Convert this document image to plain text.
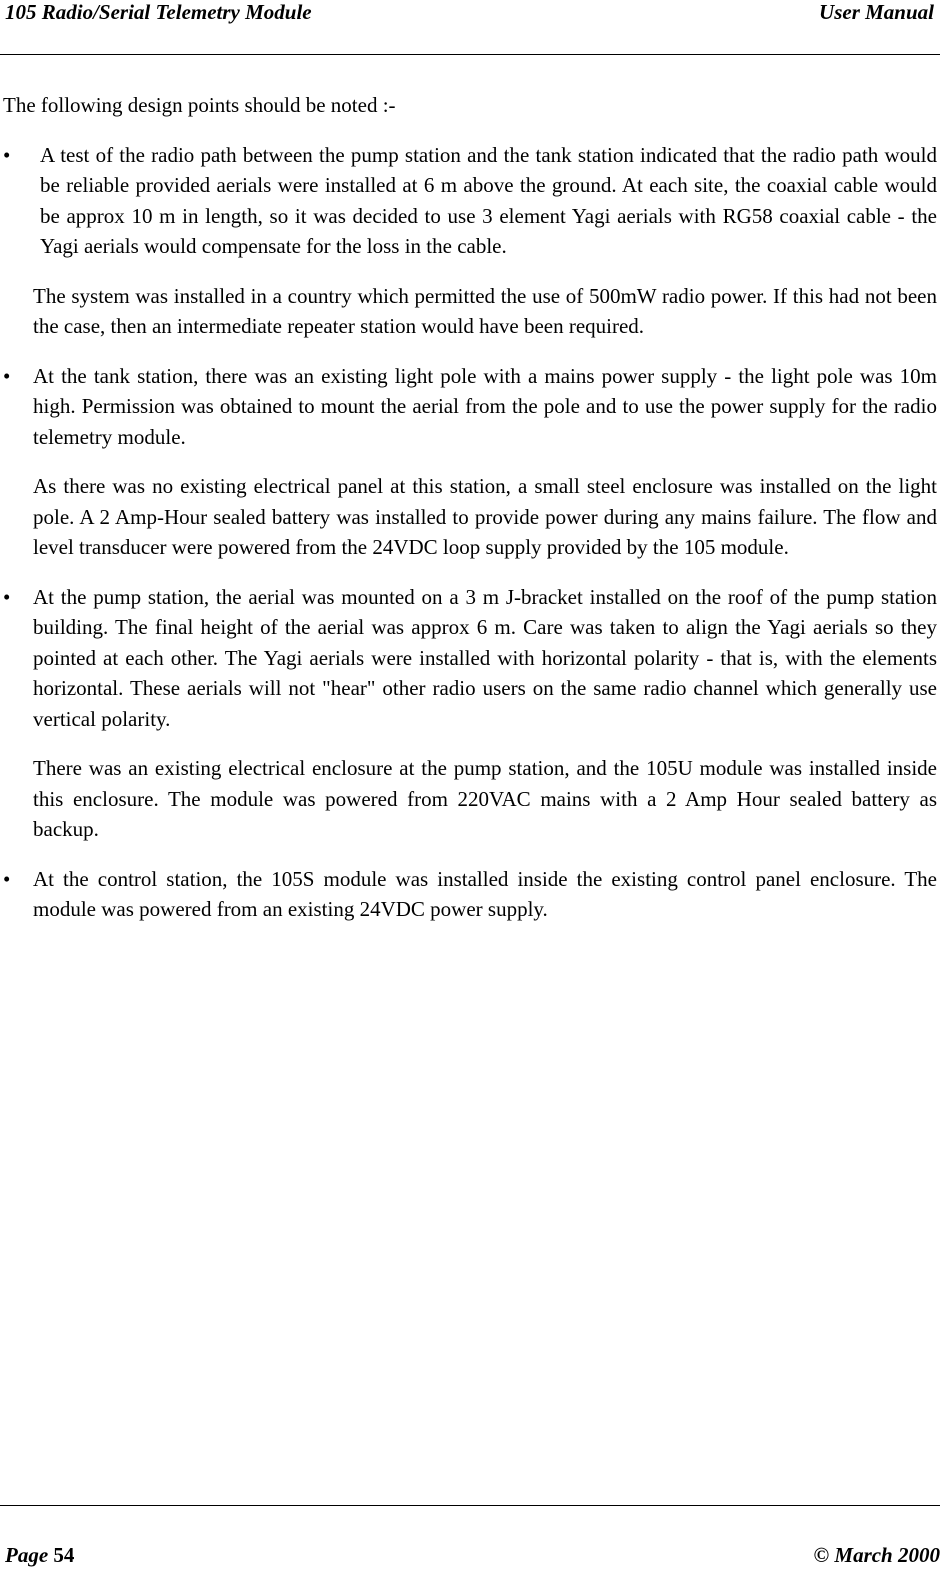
105 Radio/Serial Telemetry Module	User Manual

The following design points should be noted :-

•	A test of the radio path between the pump station and the tank station indicated that the radio path would be reliable provided aerials were installed at 6 m above the ground. At each site, the coaxial cable would be approx 10 m in length, so it was decided to use 3 element Yagi aerials with RG58 coaxial cable - the Yagi aerials would compensate for the loss in the cable.

The system was installed in a country which permitted the use of 500mW radio power. If this had not been the case, then an intermediate repeater station would have been required.

•	At the tank station, there was an existing light pole with a mains power supply - the light pole was 10m high. Permission was obtained to mount the aerial from the pole and to use the power supply for the radio telemetry module.

As there was no existing electrical panel at this station, a small steel enclosure was installed on the light pole. A 2 Amp-Hour sealed battery was installed to provide power during any mains failure. The flow and level transducer were powered from the 24VDC loop supply provided by the 105 module.

•	At the pump station, the aerial was mounted on a 3 m J-bracket installed on the roof of the pump station building. The final height of the aerial was approx 6 m. Care was taken to align the Yagi aerials so they pointed at each other. The Yagi aerials were installed with horizontal polarity - that is, with the elements horizontal. These aerials will not "hear" other radio users on the same radio channel which generally use vertical polarity.

There was an existing electrical enclosure at the pump station, and the 105U module was installed inside this enclosure. The module was powered from 220VAC mains with a 2 Amp Hour sealed battery as backup.

•	At the control station, the 105S module was installed inside the existing control panel enclosure. The module was powered from an existing 24VDC power supply.
Page 54	© March 2000
